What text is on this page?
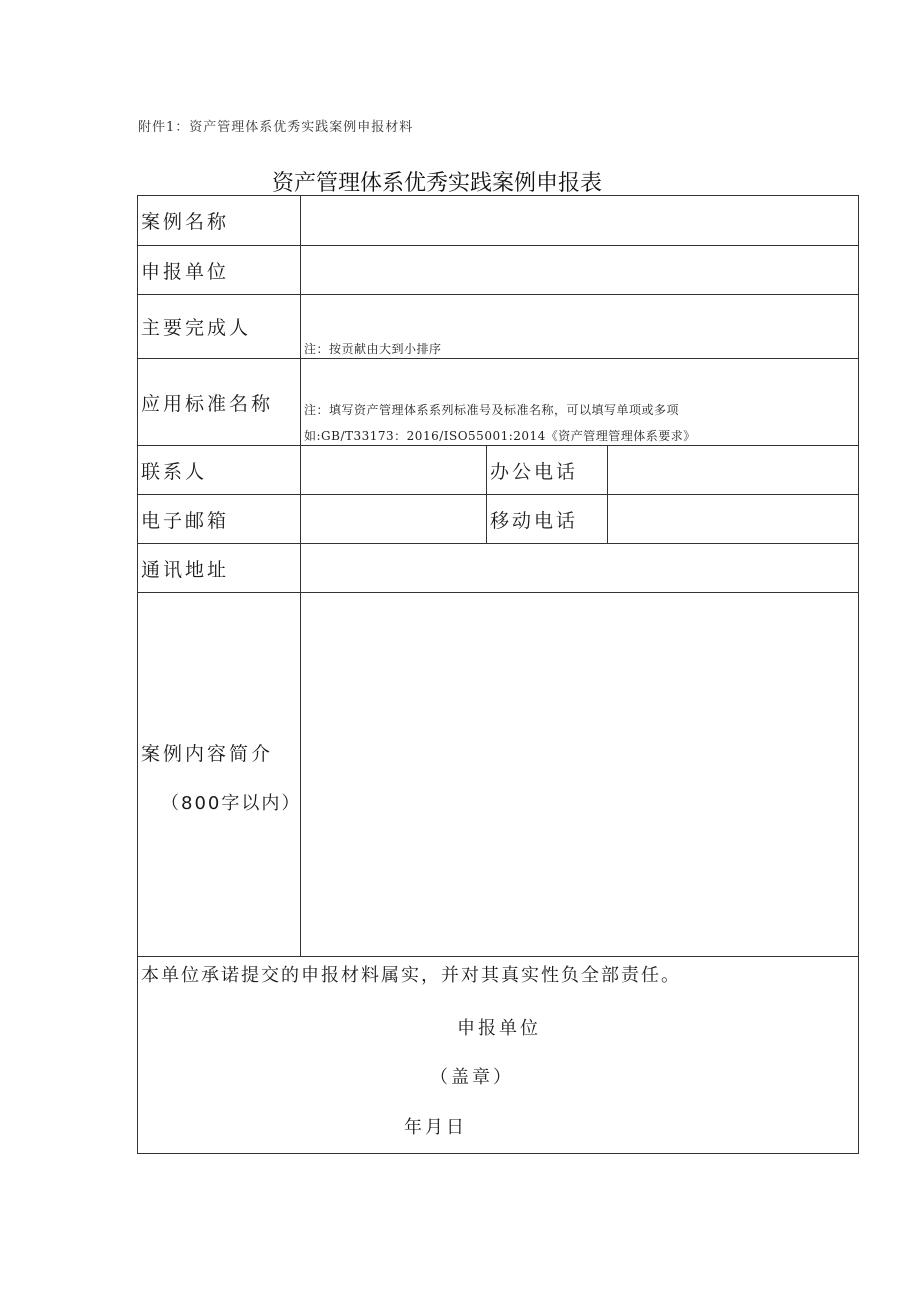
附件1：资产管理体系优秀实践案例申报材料
资产管理体系优秀实践案例申报表
案例名称			
申报单位			
主要完成人	注：按贡献由大到小排序		

应用标准名称	注：填写资产管理体系系列标准号及标准名称，可以填写单项或多项
如:GB/T33173：2016/ISO55001:2014《资产管理管理体系要求》		

联系人		办公电话	
电子邮箱		移动电话	
通讯地址			

案例内容简介
（800字以内）			

本单位承诺提交的申报材料属实，并对其真实性负全部责任。
申报单位
（盖章）
年月日			
